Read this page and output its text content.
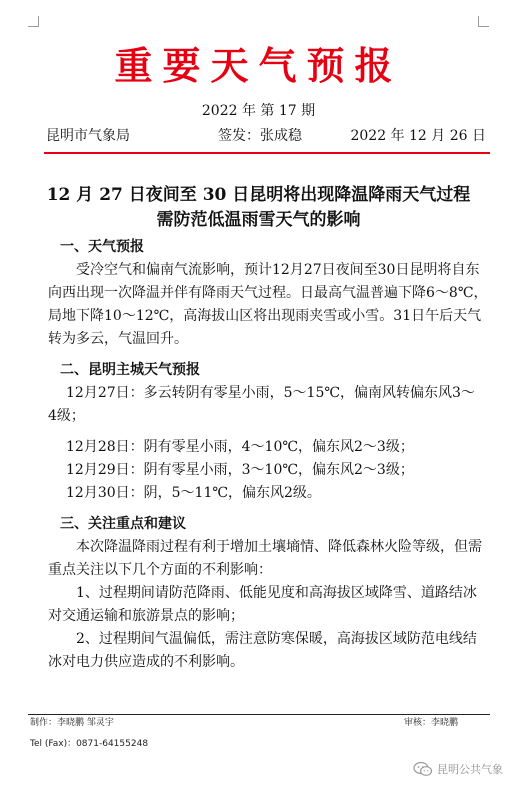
重要天气预报
2022 年 第 17 期
昆明市气象局	签发：张成稳	2022 年 12 月 26 日
12 月 27 日夜间至 30 日昆明将出现降温降雨天气过程
需防范低温雨雪天气的影响

一、天气预报

受冷空气和偏南气流影响，预计12月27日夜间至30日昆明将自东向西出现一次降温并伴有降雨天气过程。日最高气温普遍下降6～8℃，局地下降10～12℃，高海拔山区将出现雨夹雪或小雪。31日午后天气转为多云，气温回升。

二、昆明主城天气预报

12月27日：多云转阴有零星小雨，5～15℃，偏南风转偏东风3～

4级；

12月28日：阴有零星小雨，4～10℃，偏东风2～3级；

12月29日：阴有零星小雨，3～10℃，偏东风2～3级；

12月30日：阴，5～11℃，偏东风2级。

三、关注重点和建议

本次降温降雨过程有利于增加土壤墒情、降低森林火险等级，但需重点关注以下几个方面的不利影响：

1、过程期间请防范降雨、低能见度和高海拔区域降雪、道路结冰对交通运输和旅游景点的影响；

2、过程期间气温偏低，需注意防寒保暖，高海拔区域防范电线结冰对电力供应造成的不利影响。

制作：李晓鹏 邹灵宇	审核：李晓鹏
Tel (Fax)：0871-64155248
昆明公共气象
